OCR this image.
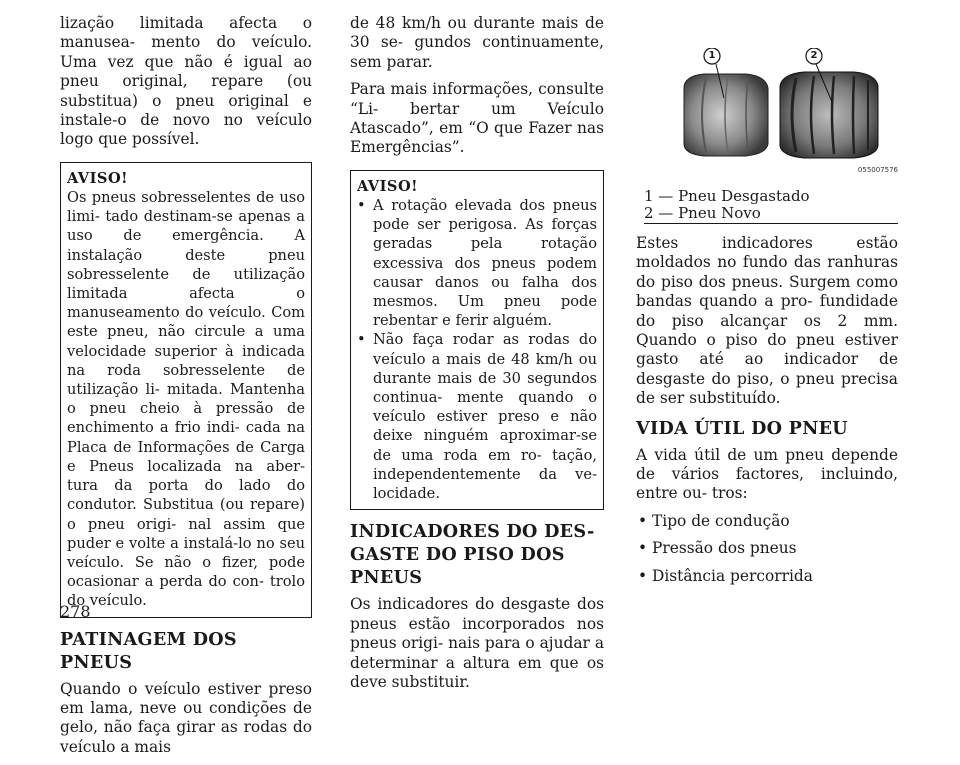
lização limitada afecta o manusea- mento do veículo. Uma vez que não é igual ao pneu original, repare (ou substitua) o pneu original e instale-o de novo no veículo logo que possível.

AVISO!
Os pneus sobresselentes de uso limi- tado destinam-se apenas a uso de emergência. A instalação deste pneu sobresselente de utilização limitada afecta o manuseamento do veículo. Com este pneu, não circule a uma velocidade superior à indicada na roda sobresselente de utilização li- mitada. Mantenha o pneu cheio à pressão de enchimento a frio indi- cada na Placa de Informações de Carga e Pneus localizada na aber- tura da porta do lado do condutor. Substitua (ou repare) o pneu origi- nal assim que puder e volte a instalá-lo no seu veículo. Se não o fizer, pode ocasionar a perda do con- trolo do veículo.
PATINAGEM DOS PNEUS

Quando o veículo estiver preso em lama, neve ou condições de gelo, não faça girar as rodas do veículo a mais

de 48 km/h ou durante mais de 30 se- gundos continuamente, sem parar.

Para mais informações, consulte “Li- bertar um Veículo Atascado”, em “O que Fazer nas Emergências”.

AVISO!
• A rotação elevada dos pneus pode ser perigosa. As forças geradas pela rotação excessiva dos pneus podem causar danos ou falha dos mesmos. Um pneu pode rebentar e ferir alguém.
• Não faça rodar as rodas do veículo a mais de 48 km/h ou durante mais de 30 segundos continua- mente quando o veículo estiver preso e não deixe ninguém aproximar-se de uma roda em ro- tação, independentemente da ve- locidade.
INDICADORES DO DES- GASTE DO PISO DOS PNEUS

Os indicadores do desgaste dos pneus estão incorporados nos pneus origi- nais para o ajudar a determinar a altura em que os deve substituir.

1	2
055007576
1 — Pneu Desgastado
2 — Pneu Novo

Estes indicadores estão moldados no fundo das ranhuras do piso dos pneus. Surgem como bandas quando a pro- fundidade do piso alcançar os 2 mm. Quando o piso do pneu estiver gasto até ao indicador de desgaste do piso, o pneu precisa de ser substituído.

VIDA ÚTIL DO PNEU

A vida útil de um pneu depende de vários factores, incluindo, entre ou- tros:

• Tipo de condução
• Pressão dos pneus
• Distância percorrida
278
